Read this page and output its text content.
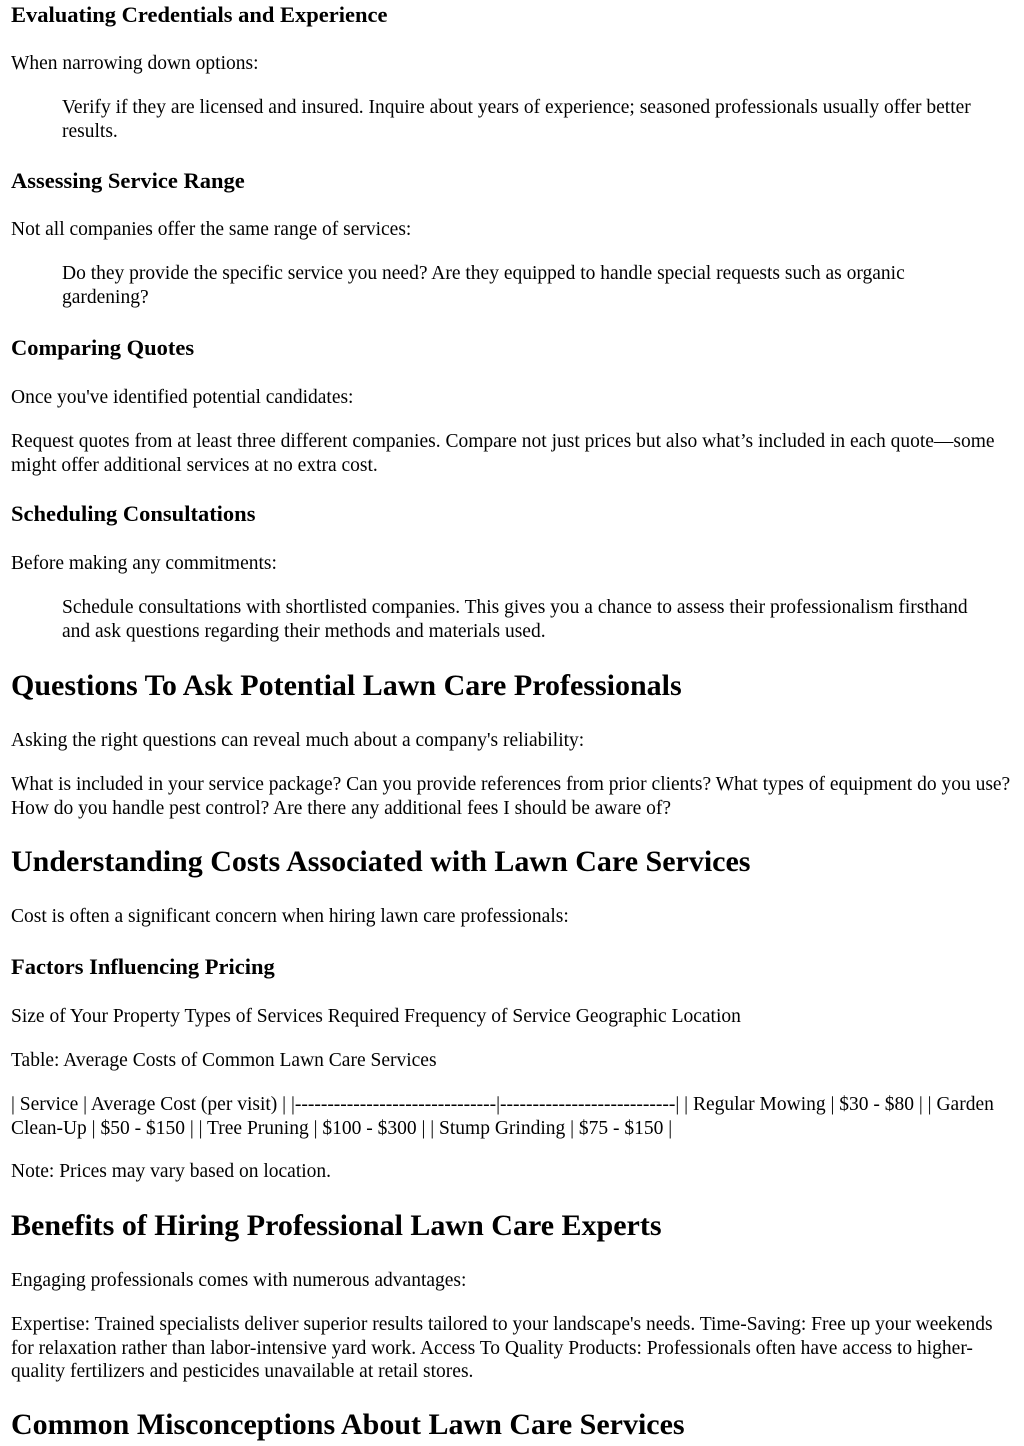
Evaluating Credentials and Experience

When narrowing down options:

Verify if they are licensed and insured. Inquire about years of experience; seasoned professionals usually offer better results.
Assessing Service Range

Not all companies offer the same range of services:

Do they provide the specific service you need? Are they equipped to handle special requests such as organic gardening?
Comparing Quotes

Once you've identified potential candidates:

Request quotes from at least three different companies. Compare not just prices but also what’s included in each quote—some might offer additional services at no extra cost.

Scheduling Consultations

Before making any commitments:

Schedule consultations with shortlisted companies. This gives you a chance to assess their professionalism firsthand and ask questions regarding their methods and materials used.
Questions To Ask Potential Lawn Care Professionals

Asking the right questions can reveal much about a company's reliability:

What is included in your service package? Can you provide references from prior clients? What types of equipment do you use? How do you handle pest control? Are there any additional fees I should be aware of?

Understanding Costs Associated with Lawn Care Services

Cost is often a significant concern when hiring lawn care professionals:

Factors Influencing Pricing

Size of Your Property Types of Services Required Frequency of Service Geographic Location

Table: Average Costs of Common Lawn Care Services

| Service | Average Cost (per visit) | |-------------------------------|---------------------------| | Regular Mowing | $30 - $80 | | Garden Clean-Up | $50 - $150 | | Tree Pruning | $100 - $300 | | Stump Grinding | $75 - $150 |

Note: Prices may vary based on location.

Benefits of Hiring Professional Lawn Care Experts

Engaging professionals comes with numerous advantages:

Expertise: Trained specialists deliver superior results tailored to your landscape's needs. Time-Saving: Free up your weekends for relaxation rather than labor-intensive yard work. Access To Quality Products: Professionals often have access to higher-quality fertilizers and pesticides unavailable at retail stores.

Common Misconceptions About Lawn Care Services
